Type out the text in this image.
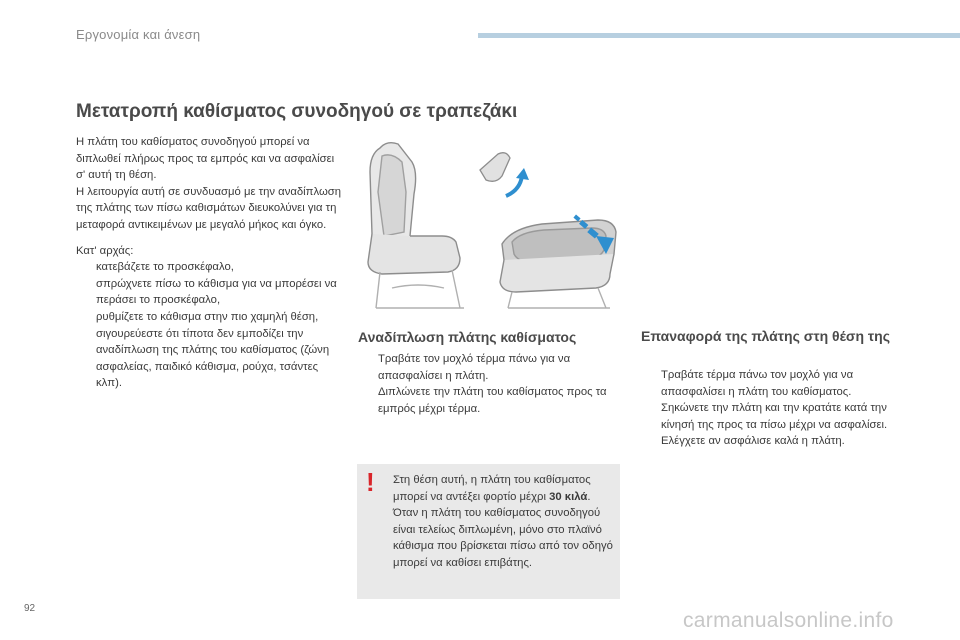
Εργονομία και άνεση
Μετατροπή καθίσματος συνοδηγού σε τραπεζάκι

Η πλάτη του καθίσματος συνοδηγού μπορεί να διπλωθεί πλήρως προς τα εμπρός και να ασφαλίσει σ' αυτή τη θέση.

Η λειτουργία αυτή σε συνδυασμό με την αναδίπλωση της πλάτης των πίσω καθισμάτων διευκολύνει για τη μεταφορά αντικειμένων με μεγαλό μήκος και όγκο.

Κατ' αρχάς:

κατεβάζετε το προσκέφαλο,
σπρώχνετε πίσω το κάθισμα για να μπορέσει να περάσει το προσκέφαλο,
ρυθμίζετε το κάθισμα στην πιο χαμηλή θέση,
σιγουρεύεστε ότι τίποτα δεν εμποδίζει την αναδίπλωση της πλάτης του καθίσματος (ζώνη ασφαλείας, παιδικό κάθισμα, ρούχα, τσάντες κλπ).
Αναδίπλωση πλάτης καθίσματος
Τραβάτε τον μοχλό τέρμα πάνω για να απασφαλίσει η πλάτη.
Διπλώνετε την πλάτη του καθίσματος προς τα εμπρός μέχρι τέρμα.
Επαναφορά της πλάτης στη θέση της
Τραβάτε τέρμα πάνω τον μοχλό για να απασφαλίσει η πλάτη του καθίσματος.
Σηκώνετε την πλάτη και την κρατάτε κατά την κίνησή της προς τα πίσω μέχρι να ασφαλίσει.
Ελέγχετε αν ασφάλισε καλά η πλάτη.
!	Στη θέση αυτή, η πλάτη του καθίσματος μπορεί να αντέξει φορτίο μέχρι 30 κιλά. Όταν η πλάτη του καθίσματος συνοδηγού είναι τελείως διπλωμένη, μόνο στο πλαϊνό κάθισμα που βρίσκεται πίσω από τον οδηγό μπορεί να καθίσει επιβάτης.
92
carmanualsonline.info
